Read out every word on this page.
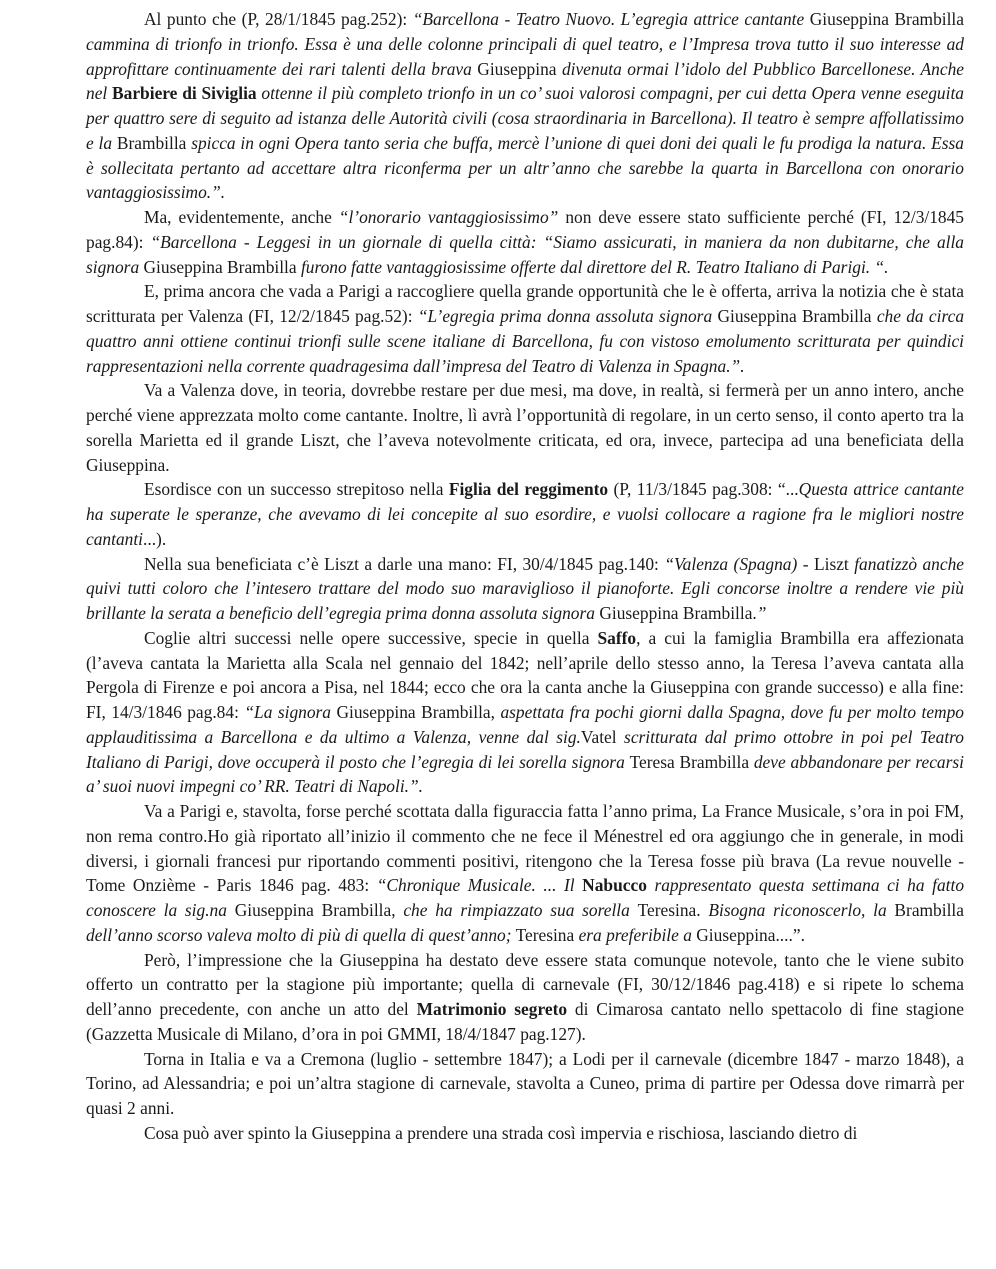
Al punto che (P, 28/1/1845 pag.252): “Barcellona - Teatro Nuovo. L’egregia attrice cantante Giuseppina Brambilla cammina di trionfo in trionfo. Essa è una delle colonne principali di quel teatro, e l’Impresa trova tutto il suo interesse ad approfittare continuamente dei rari talenti della brava Giuseppina divenuta ormai l’idolo del Pubblico Barcellonese. Anche nel Barbiere di Siviglia ottenne il più completo trionfo in un co’ suoi valorosi compagni, per cui detta Opera venne eseguita per quattro sere di seguito ad istanza delle Autorità civili (cosa straordinaria in Barcellona). Il teatro è sempre affollatissimo e la Brambilla spicca in ogni Opera tanto seria che buffa, mercè l’unione di quei doni dei quali le fu prodiga la natura. Essa è sollecitata pertanto ad accettare altra riconferma per un altr’anno che sarebbe la quarta in Barcellona con onorario vantaggiosissimo.”.

Ma, evidentemente, anche “l’onorario vantaggiosissimo” non deve essere stato sufficiente perché (FI, 12/3/1845 pag.84): “Barcellona - Leggesi in un giornale di quella città: “Siamo assicurati, in maniera da non dubitarne, che alla signora Giuseppina Brambilla furono fatte vantaggiosissime offerte dal direttore del R. Teatro Italiano di Parigi. “.

E, prima ancora che vada a Parigi a raccogliere quella grande opportunità che le è offerta, arriva la notizia che è stata scritturata per Valenza (FI, 12/2/1845 pag.52): “L’egregia prima donna assoluta signora Giuseppina Brambilla che da circa quattro anni ottiene continui trionfi sulle scene italiane di Barcellona, fu con vistoso emolumento scritturata per quindici rappresentazioni nella corrente quadragesima dall’impresa del Teatro di Valenza in Spagna.”.

Va a Valenza dove, in teoria, dovrebbe restare per due mesi, ma dove, in realtà, si fermerà per un anno intero, anche perché viene apprezzata molto come cantante. Inoltre, lì avrà l’opportunità di regolare, in un certo senso, il conto aperto tra la sorella Marietta ed il grande Liszt, che l’aveva notevolmente criticata, ed ora, invece, partecipa ad una beneficiata della Giuseppina.

Esordisce con un successo strepitoso nella Figlia del reggimento (P, 11/3/1845 pag.308: “...Questa attrice cantante ha superate le speranze, che avevamo di lei concepite al suo esordire, e vuolsi collocare a ragione fra le migliori nostre cantanti...).

Nella sua beneficiata c’è Liszt a darle una mano: FI, 30/4/1845 pag.140: “Valenza (Spagna) - Liszt fanatizzò anche quivi tutti coloro che l’intesero trattare del modo suo maraviglioso il pianoforte. Egli concorse inoltre a rendere vie più brillante la serata a beneficio dell’egregia prima donna assoluta signora Giuseppina Brambilla.”

Coglie altri successi nelle opere successive, specie in quella Saffo, a cui la famiglia Brambilla era affezionata (l’aveva cantata la Marietta alla Scala nel gennaio del 1842; nell’aprile dello stesso anno, la Teresa l’aveva cantata alla Pergola di Firenze e poi ancora a Pisa, nel 1844; ecco che ora la canta anche la Giuseppina con grande successo) e alla fine: FI, 14/3/1846 pag.84: “La signora Giuseppina Brambilla, aspettata fra pochi giorni dalla Spagna, dove fu per molto tempo applauditissima a Barcellona e da ultimo a Valenza, venne dal sig.Vatel scritturata dal primo ottobre in poi pel Teatro Italiano di Parigi, dove occuperà il posto che l’egregia di lei sorella signora Teresa Brambilla deve abbandonare per recarsi a’ suoi nuovi impegni co’ RR. Teatri di Napoli.”.

Va a Parigi e, stavolta, forse perché scottata dalla figuraccia fatta l’anno prima, La France Musicale, s’ora in poi FM, non rema contro.Ho già riportato all’inizio il commento che ne fece il Ménestrel ed ora aggiungo che in generale, in modi diversi, i giornali francesi pur riportando commenti positivi, ritengono che la Teresa fosse più brava (La revue nouvelle - Tome Onzième - Paris 1846 pag. 483: “Chronique Musicale. ... Il Nabucco rappresentato questa settimana ci ha fatto conoscere la sig.na Giuseppina Brambilla, che ha rimpiazzato sua sorella Teresina. Bisogna riconoscerlo, la Brambilla dell’anno scorso valeva molto di più di quella di quest’anno; Teresina era preferibile a Giuseppina....”.

Però, l’impressione che la Giuseppina ha destato deve essere stata comunque notevole, tanto che le viene subito offerto un contratto per la stagione più importante; quella di carnevale (FI, 30/12/1846 pag.418) e si ripete lo schema dell’anno precedente, con anche un atto del Matrimonio segreto di Cimarosa cantato nello spettacolo di fine stagione (Gazzetta Musicale di Milano, d’ora in poi GMMI, 18/4/1847 pag.127).

Torna in Italia e va a Cremona (luglio - settembre 1847); a Lodi per il carnevale (dicembre 1847 - marzo 1848), a Torino, ad Alessandria; e poi un’altra stagione di carnevale, stavolta a Cuneo, prima di partire per Odessa dove rimarrà per quasi 2 anni.

Cosa può aver spinto la Giuseppina a prendere una strada così impervia e rischiosa, lasciando dietro di
